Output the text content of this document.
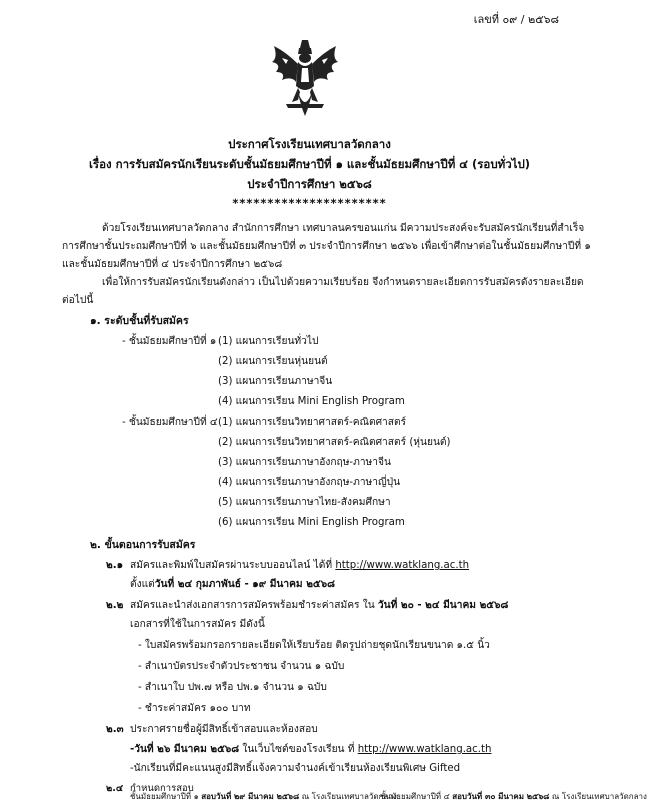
เลขที่ ๐๙ / ๒๕๖๘
ประกาศโรงเรียนเทศบาลวัดกลาง
เรื่อง การรับสมัครนักเรียนระดับชั้นมัธยมศึกษาปีที่ ๑ และชั้นมัธยมศึกษาปีที่ ๔ (รอบทั่วไป)
ประจำปีการศึกษา ๒๕๖๘
**********************
ด้วยโรงเรียนเทศบาลวัดกลาง สำนักการศึกษา เทศบาลนครขอนแก่น มีความประสงค์จะรับสมัครนักเรียนที่สำเร็จ
การศึกษาชั้นประถมศึกษาปีที่ ๖ และชั้นมัธยมศึกษาปีที่ ๓ ประจำปีการศึกษา ๒๕๖๖ เพื่อเข้าศึกษาต่อในชั้นมัธยมศึกษาปีที่ ๑
และชั้นมัธยมศึกษาปีที่ ๔ ประจำปีการศึกษา ๒๕๖๘
เพื่อให้การรับสมัครนักเรียนดังกล่าว เป็นไปด้วยความเรียบร้อย จึงกำหนดรายละเอียดการรับสมัครดังรายละเอียด
ต่อไปนี้
๑. ระดับชั้นที่รับสมัคร
- ชั้นมัธยมศึกษาปีที่ ๑ (1) แผนการเรียนทั่วไป
(2) แผนการเรียนหุ่นยนต์
(3) แผนการเรียนภาษาจีน
(4) แผนการเรียน Mini English Program
- ชั้นมัธยมศึกษาปีที่ ๔ (1) แผนการเรียนวิทยาศาสตร์-คณิตศาสตร์
(2) แผนการเรียนวิทยาศาสตร์-คณิตศาสตร์ (หุ่นยนต์)
(3) แผนการเรียนภาษาอังกฤษ-ภาษาจีน
(4) แผนการเรียนภาษาอังกฤษ-ภาษาญี่ปุ่น
(5) แผนการเรียนภาษาไทย-สังคมศึกษา
(6) แผนการเรียน Mini English Program
๒. ขั้นตอนการรับสมัคร
๒.๑ สมัครและพิมพ์ใบสมัครผ่านระบบออนไลน์ ได้ที่ http://www.watklang.ac.th
ตั้งแต่วันที่ ๒๔ กุมภาพันธ์ - ๑๙ มีนาคม ๒๕๖๘
๒.๒ สมัครและนำส่งเอกสารการสมัครพร้อมชำระค่าสมัคร ใน วันที่ ๒๐ - ๒๔ มีนาคม ๒๕๖๘
เอกสารที่ใช้ในการสมัคร มีดังนี้
- ใบสมัครพร้อมกรอกรายละเอียดให้เรียบร้อย ติดรูปถ่ายชุดนักเรียนขนาด ๑.๕ นิ้ว
- สำเนาบัตรประจำตัวประชาชน จำนวน ๑ ฉบับ
- สำเนาใบ ปพ.๗ หรือ ปพ.๑ จำนวน ๑ ฉบับ
- ชำระค่าสมัคร ๑๐๐ บาท
๒.๓ ประกาศรายชื่อผู้มีสิทธิ์เข้าสอบและห้องสอบ
-วันที่ ๒๖ มีนาคม ๒๕๖๘ ในเว็บไซต์ของโรงเรียน ที่ http://www.watklang.ac.th
-นักเรียนที่มีคะแนนสูงมีสิทธิ์แจ้งความจำนงค์เข้าเรียนห้องเรียนพิเศษ Gifted
๒.๔ กำหนดการสอบ
ชั้นมัธยมศึกษาปีที่ ๑ สอบวันที่ ๒๙ มีนาคม ๒๕๖๘ ณ โรงเรียนเทศบาลวัดกลาง
ชั้นมัธยมศึกษาปีที่ ๔ สอบวันที่ ๓๐ มีนาคม ๒๕๖๘ ณ โรงเรียนเทศบาลวัดกลาง
